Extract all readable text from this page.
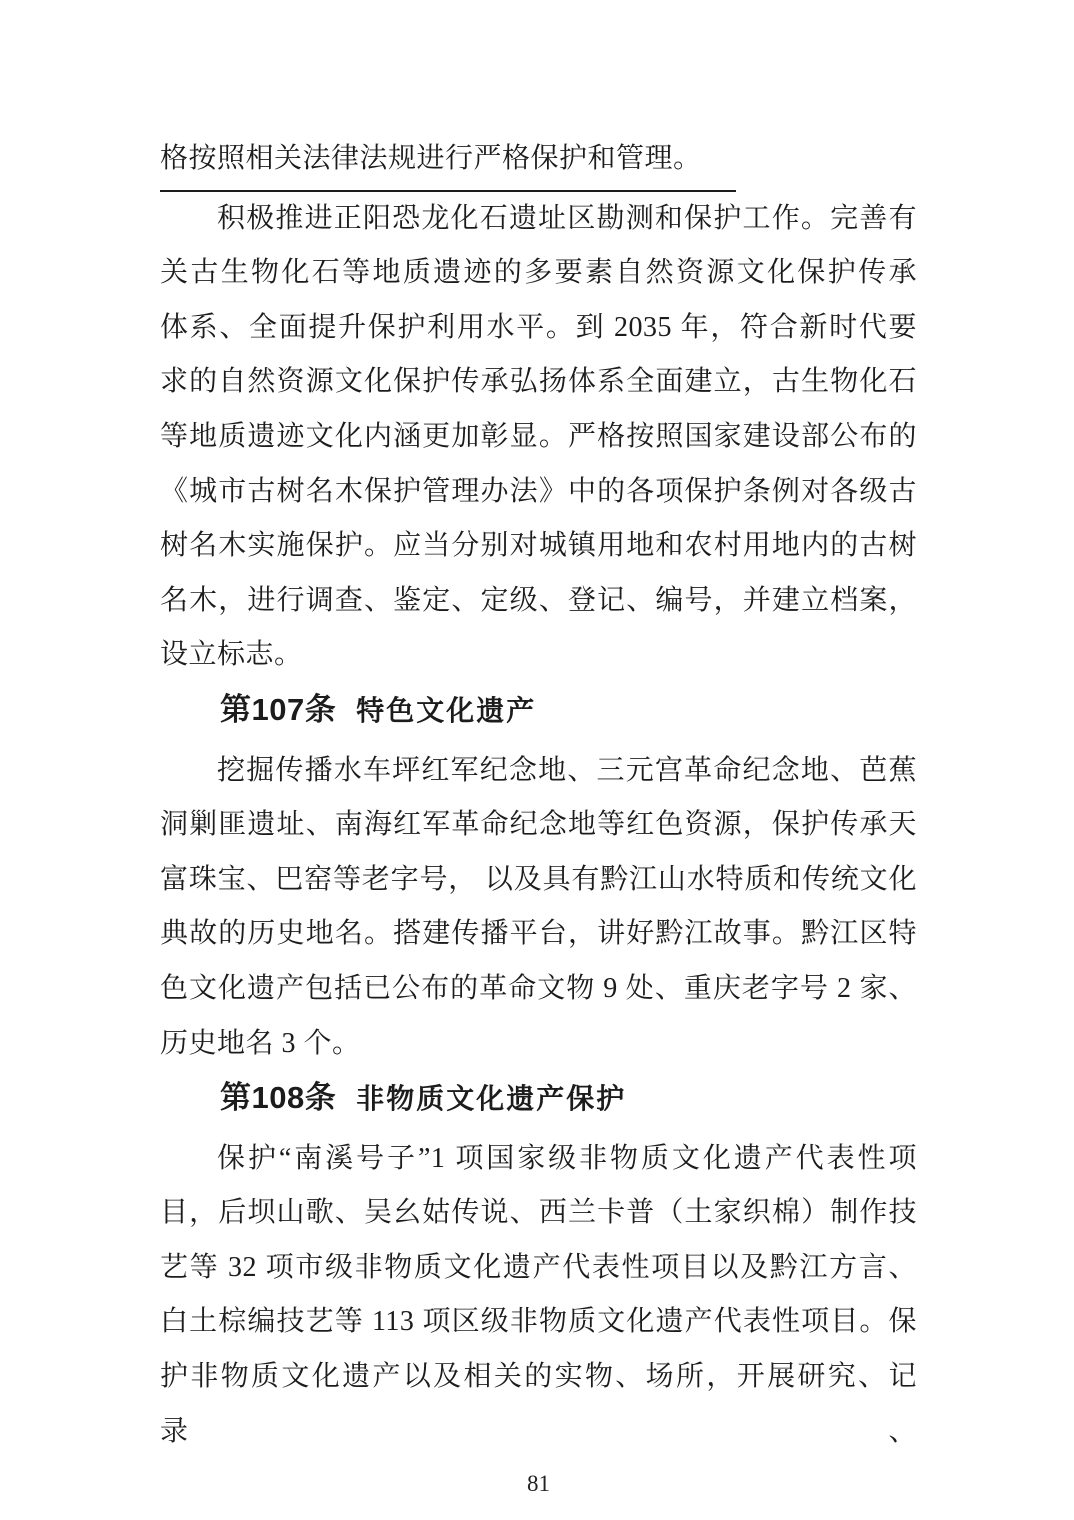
格按照相关法律法规进行严格保护和管理。
积极推进正阳恐龙化石遗址区勘测和保护工作。完善有
关古生物化石等地质遗迹的多要素自然资源文化保护传承
体系、全面提升保护利用水平。到 2035 年，符合新时代要
求的自然资源文化保护传承弘扬体系全面建立，古生物化石
等地质遗迹文化内涵更加彰显。严格按照国家建设部公布的
《城市古树名木保护管理办法》中的各项保护条例对各级古
树名木实施保护。应当分别对城镇用地和农村用地内的古树
名木，进行调查、鉴定、定级、登记、编号，并建立档案，
设立标志。
第107条 特色文化遗产
挖掘传播水车坪红军纪念地、三元宫革命纪念地、芭蕉
洞剿匪遗址、南海红军革命纪念地等红色资源，保护传承天
富珠宝、巴窑等老字号， 以及具有黔江山水特质和传统文化
典故的历史地名。搭建传播平台，讲好黔江故事。黔江区特
色文化遗产包括已公布的革命文物 9 处、重庆老字号 2 家、
历史地名 3 个。
第108条 非物质文化遗产保护
保护“南溪号子”1 项国家级非物质文化遗产代表性项
目，后坝山歌、吴幺姑传说、西兰卡普（土家织棉）制作技
艺等 32 项市级非物质文化遗产代表性项目以及黔江方言、
白土棕编技艺等 113 项区级非物质文化遗产代表性项目。保
护非物质文化遗产以及相关的实物、场所，开展研究、记录、
81
